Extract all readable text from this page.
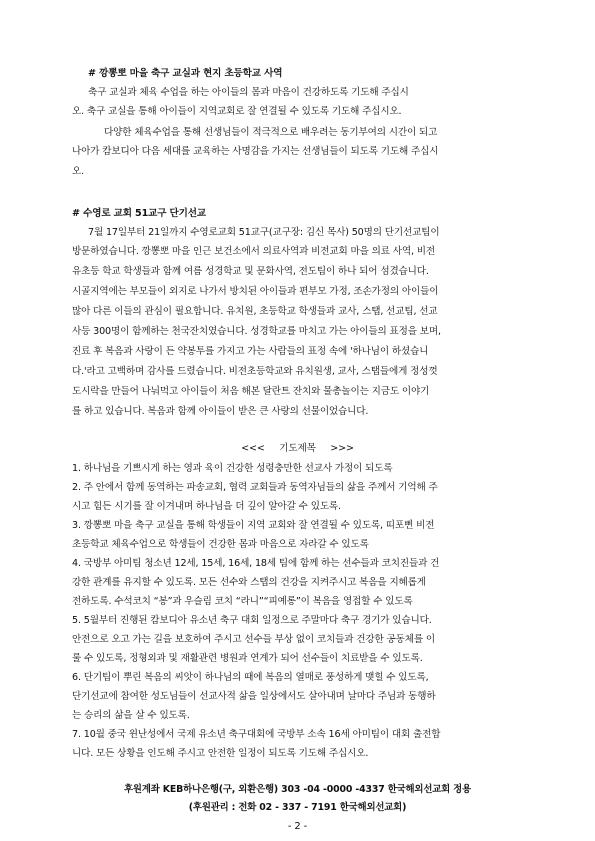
# 깡뽕뽀 마을 축구 교실과 현지 초등학교 사역
축구 교실과 체육 수업을 하는 아이들의 몸과 마음이 건강하도록 기도해 주십시
오. 축구 교실을 통해 아이들이 지역교회로 잘 연결될 수 있도록 기도해 주십시오.
다양한 체육수업을 통해 선생님들이 적극적으로 배우려는 동기부여의 시간이 되고
나아가 캄보디아 다음 세대를 교육하는 사명감을 가지는 선생님들이 되도록 기도해 주십시
오.
# 수영로 교회 51교구 단기선교
7월 17일부터 21일까지 수영로교회 51교구(교구장: 김신 목사) 50명의 단기선교팀이
방문하였습니다. 깡뽕뽀 마을 인근 보건소에서 의료사역과 비전교회 마을 의료 사역, 비전
유초등 학교 학생들과 함께 여름 성경학교 및 문화사역, 전도팀이 하나 되어 섬겼습니다.
시골지역에는 부모들이 외지로 나가서 방치된 아이들과 편부모 가정, 조손가정의 아이들이
많아 다른 이들의 관심이 필요합니다. 유치원, 초등학교 학생들과 교사, 스탭, 선교팀, 선교
사등 300명이 함께하는 천국잔치였습니다. 성경학교를 마치고 가는 아이들의 표정을 보며,
진료 후 복음과 사랑이 든 약봉투를 가지고 가는 사람들의 표정 속에 '하나님이 하셨습니
다.'라고 고백하며 감사를 드렸습니다. 비전초등학교와 유치원생, 교사, 스탭들에게 정성껏
도시락을 만들어 나눠먹고 아이들이 처음 해본 달란트 잔치와 물총놀이는 지금도 이야기
를 하고 있습니다. 복음과 함께 아이들이 받은 큰 사랑의 선물이었습니다.
<<<     기도제목     >>>
1. 하나님을 기쁘시게 하는 영과 육이 건강한 성령충만한 선교사 가정이 되도록
2. 주 안에서 함께 동역하는 파송교회, 협력 교회들과 동역자님들의 삶을 주께서 기억해 주
시고 힘든 시기를 잘 이겨내며 하나님을 더 깊이 알아갈 수 있도록.
3. 깡뽕뽀 마을 축구 교실을 통해 학생들이 지역 교회와 잘 연결될 수 있도록, 띠포삔 비전
초등학교 체육수업으로 학생들이 건강한 몸과 마음으로 자라갈 수 있도록
4. 국방부 아미팀 청소년 12세, 15세, 16세, 18세 팀에 함께 하는 선수들과 코치진들과 건
강한 관계를 유지할 수 있도록. 모든 선수와 스탭의 건강을 지켜주시고 복음을 지혜롭게
전하도록. 수석코치 “봉”과 우슬림 코치 “라니”“피예롱”이 복음을 영접할 수 있도록
5. 5월부터 진행된 캄보디아 유소년 축구 대회 일정으로 주말마다 축구 경기가 있습니다.
안전으로 오고 가는 길을 보호하여 주시고 선수들 부상 없이 코치들과 건강한 공동체를 이
룰 수 있도록, 정형외과 및 재활관련 병원과 연계가 되어 선수들이 치료받을 수 있도록.
6. 단기팀이 뿌린 복음의 씨앗이 하나님의 때에 복음의 열매로 풍성하게 맺힐 수 있도록,
단기선교에 참여한 성도님들이 선교사적 삶을 일상에서도 살아내며 날마다 주님과 동행하
는 승리의 삶을 살 수 있도록.
7. 10월 중국 윈난성에서 국제 유소년 축구대회에 국방부 소속 16세 아미팀이 대회 출전합
니다. 모든 상황을 인도해 주시고 안전한 일정이 되도록 기도해 주십시오.
후원계좌 KEB하나은행(구, 외환은행) 303 -04 -0000 -4337 한국해외선교회 정용
(후원관리 : 전화 02 - 337 - 7191 한국해외선교회)
- 2 -
